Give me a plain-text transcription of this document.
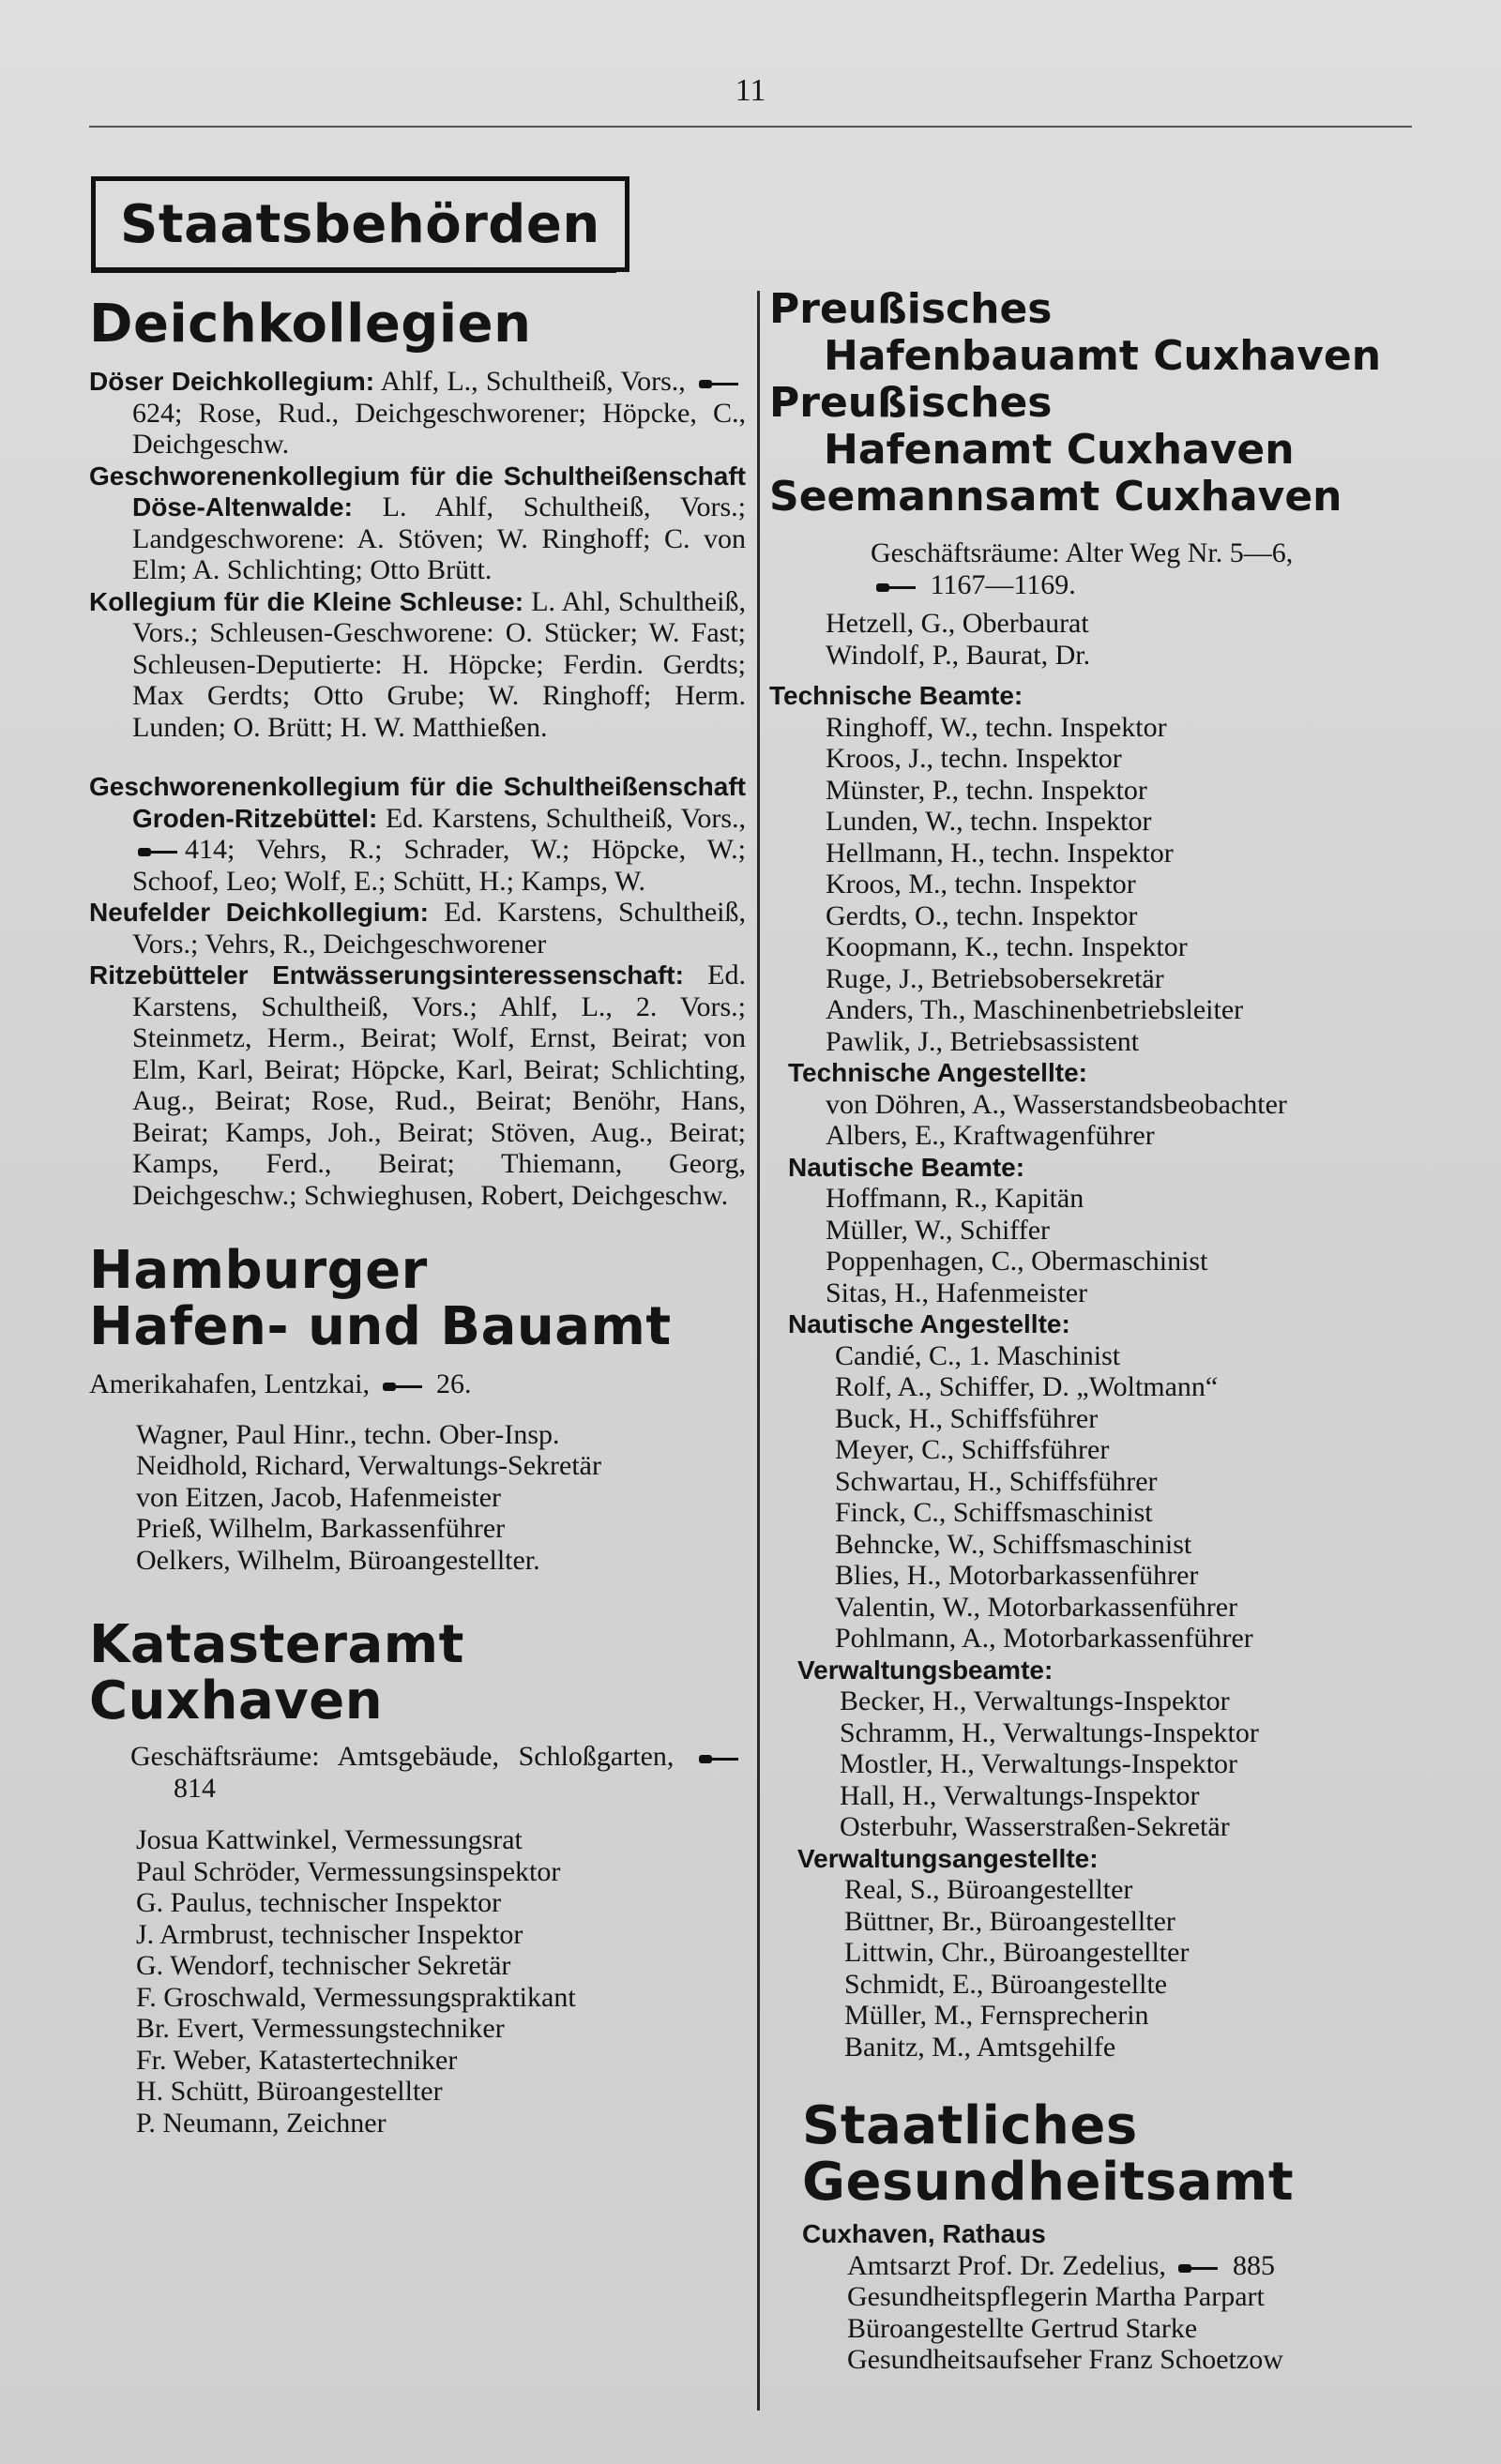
11
Staatsbehörden
Deichkollegien

Döser Deichkollegium: Ahlf, L., Schultheiß, Vors., 624; Rose, Rud., Deichgeschworener; Höpcke, C., Deichgeschw.

Geschworenenkollegium für die Schultheißenschaft Döse-Altenwalde: L. Ahlf, Schultheiß, Vors.; Landgeschworene: A. Stöven; W. Ringhoff; C. von Elm; A. Schlichting; Otto Brütt.

Kollegium für die Kleine Schleuse: L. Ahl, Schultheiß, Vors.; Schleusen-Geschworene: O. Stücker; W. Fast; Schleusen-Deputierte: H. Höpcke; Ferdin. Gerdts; Max Gerdts; Otto Grube; W. Ringhoff; Herm. Lunden; O. Brütt; H. W. Matthießen.

Geschworenenkollegium für die Schultheißenschaft Groden-Ritzebüttel: Ed. Karstens, Schultheiß, Vors., 414; Vehrs, R.; Schrader, W.; Höpcke, W.; Schoof, Leo; Wolf, E.; Schütt, H.; Kamps, W.

Neufelder Deichkollegium: Ed. Karstens, Schultheiß, Vors.; Vehrs, R., Deichgeschworener

Ritzebütteler Entwässerungsinteressenschaft: Ed. Karstens, Schultheiß, Vors.; Ahlf, L., 2. Vors.; Steinmetz, Herm., Beirat; Wolf, Ernst, Beirat; von Elm, Karl, Beirat; Höpcke, Karl, Beirat; Schlichting, Aug., Beirat; Rose, Rud., Beirat; Benöhr, Hans, Beirat; Kamps, Joh., Beirat; Stöven, Aug., Beirat; Kamps, Ferd., Beirat; Thiemann, Georg, Deichgeschw.; Schwieghusen, Robert, Deichgeschw.

Hamburger
Hafen- und Bauamt

Amerikahafen, Lentzkai, 26.

Wagner, Paul Hinr., techn. Ober-Insp.

Neidhold, Richard, Verwaltungs-Sekretär

von Eitzen, Jacob, Hafenmeister

Prieß, Wilhelm, Barkassenführer

Oelkers, Wilhelm, Büroangestellter.

Katasteramt
Cuxhaven

Geschäftsräume: Amtsgebäude, Schloßgarten,  814

Josua Kattwinkel, Vermessungsrat

Paul Schröder, Vermessungsinspektor

G. Paulus, technischer Inspektor

J. Armbrust, technischer Inspektor

G. Wendorf, technischer Sekretär

F. Groschwald, Vermessungspraktikant

Br. Evert, Vermessungstechniker

Fr. Weber, Katastertechniker

H. Schütt, Büroangestellter

P. Neumann, Zeichner

Preußisches
Hafenbauamt Cuxhaven
Preußisches
Hafenamt Cuxhaven
Seemannsamt Cuxhaven

Geschäftsräume: Alter Weg Nr. 5—6,

1167—1169.

Hetzell, G., Oberbaurat

Windolf, P., Baurat, Dr.

Technische Beamte:

Ringhoff, W., techn. Inspektor

Kroos, J., techn. Inspektor

Münster, P., techn. Inspektor

Lunden, W., techn. Inspektor

Hellmann, H., techn. Inspektor

Kroos, M., techn. Inspektor

Gerdts, O., techn. Inspektor

Koopmann, K., techn. Inspektor

Ruge, J., Betriebsobersekretär

Anders, Th., Maschinenbetriebsleiter

Pawlik, J., Betriebsassistent

Technische Angestellte:

von Döhren, A., Wasserstandsbeobachter

Albers, E., Kraftwagenführer

Nautische Beamte:

Hoffmann, R., Kapitän

Müller, W., Schiffer

Poppenhagen, C., Obermaschinist

Sitas, H., Hafenmeister

Nautische Angestellte:

Candié, C., 1. Maschinist

Rolf, A., Schiffer, D. „Woltmann“

Buck, H., Schiffsführer

Meyer, C., Schiffsführer

Schwartau, H., Schiffsführer

Finck, C., Schiffsmaschinist

Behncke, W., Schiffsmaschinist

Blies, H., Motorbarkassenführer

Valentin, W., Motorbarkassenführer

Pohlmann, A., Motorbarkassenführer

Verwaltungsbeamte:

Becker, H., Verwaltungs-Inspektor

Schramm, H., Verwaltungs-Inspektor

Mostler, H., Verwaltungs-Inspektor

Hall, H., Verwaltungs-Inspektor

Osterbuhr, Wasserstraßen-Sekretär

Verwaltungsangestellte:

Real, S., Büroangestellter

Büttner, Br., Büroangestellter

Littwin, Chr., Büroangestellter

Schmidt, E., Büroangestellte

Müller, M., Fernsprecherin

Banitz, M., Amtsgehilfe

Staatliches
Gesundheitsamt

Cuxhaven, Rathaus

Amtsarzt Prof. Dr. Zedelius, 885

Gesundheitspflegerin Martha Parpart

Büroangestellte Gertrud Starke

Gesundheitsaufseher Franz Schoetzow
